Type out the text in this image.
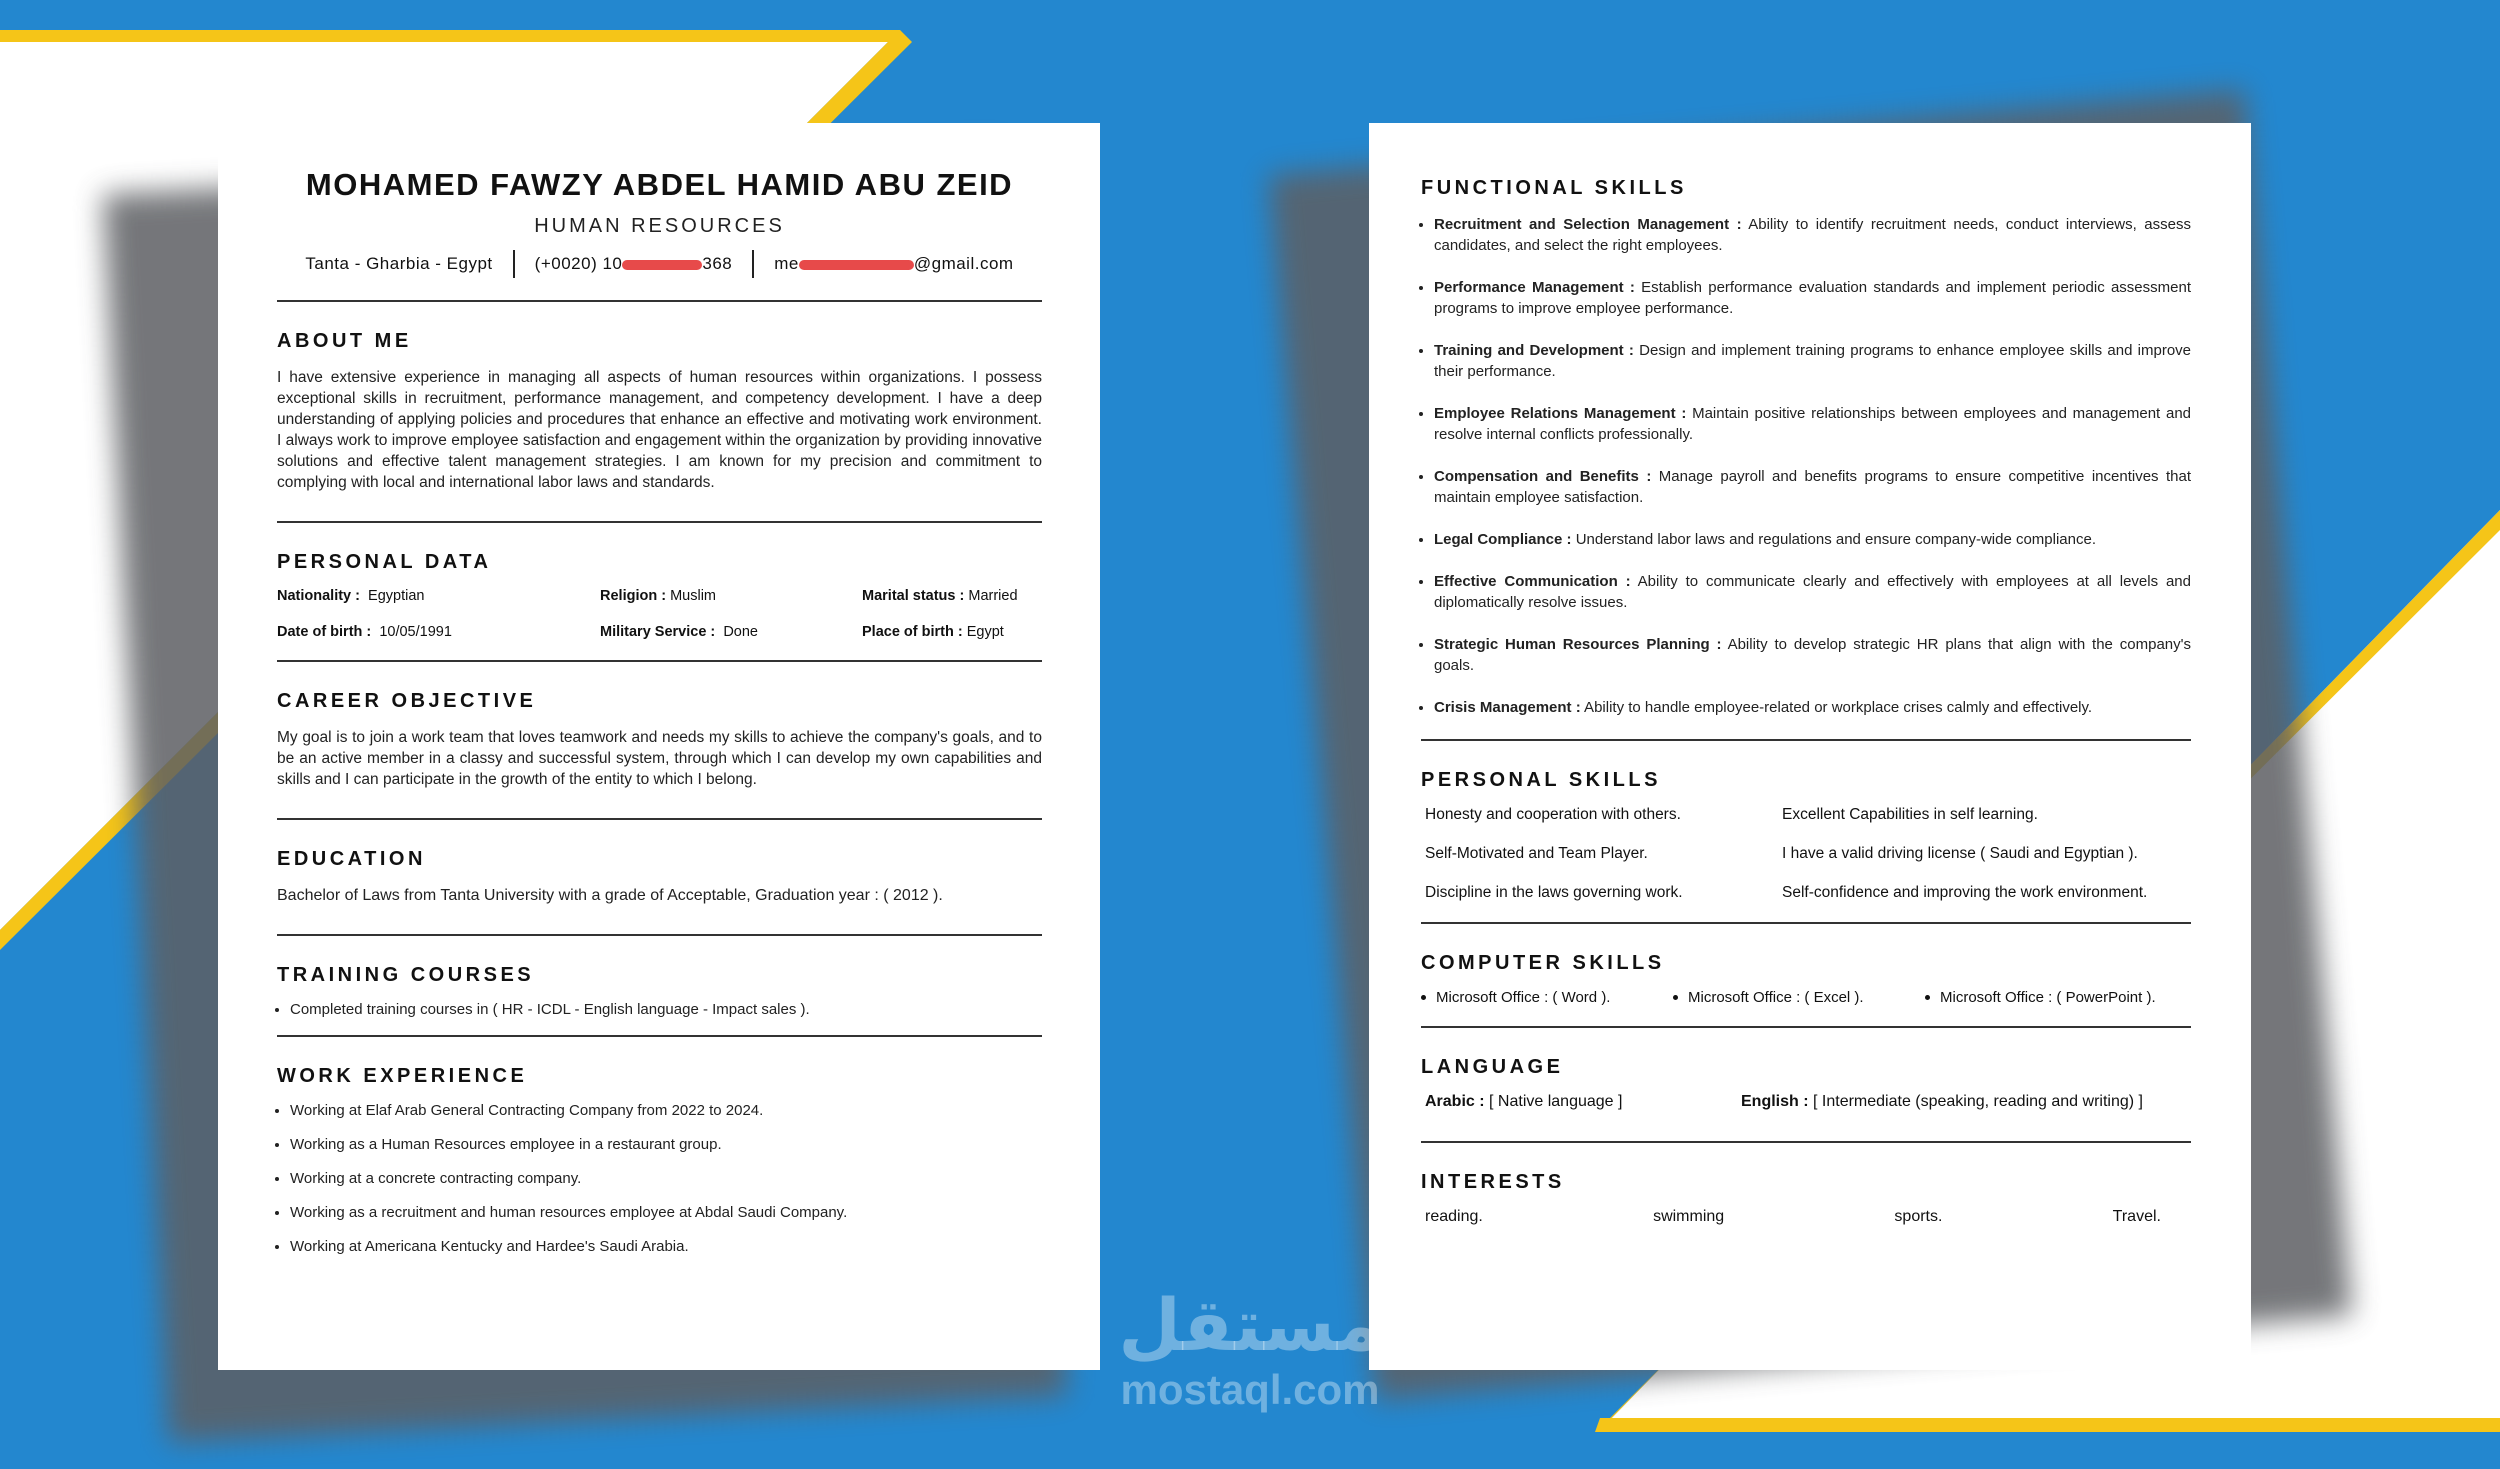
MOHAMED FAWZY ABDEL HAMID ABU ZEID
HUMAN RESOURCES
Tanta - Gharbia - Egypt (+0020) 10	368 me	@gmail.com
ABOUT ME
I have extensive experience in managing all aspects of human resources within organizations. I possess exceptional skills in recruitment, performance management, and competency development. I have a deep understanding of applying policies and procedures that enhance an effective and motivating work environment. I always work to improve employee satisfaction and engagement within the organization by providing innovative solutions and effective talent management strategies. I am known for my precision and commitment to complying with local and international labor laws and standards.
PERSONAL DATA
Nationality : Egyptian	Religion : Muslim	Marital status : Married
Date of birth : 10/05/1991	Military Service : Done	Place of birth : Egypt
CAREER OBJECTIVE
My goal is to join a work team that loves teamwork and needs my skills to achieve the company's goals, and to be an active member in a classy and successful system, through which I can develop my own capabilities and skills and I can participate in the growth of the entity to which I belong.
EDUCATION
Bachelor of Laws from Tanta University with a grade of Acceptable, Graduation year : ( 2012 ).
TRAINING COURSES
• Completed training courses in ( HR - ICDL - English language - Impact sales ).
WORK EXPERIENCE
• Working at Elaf Arab General Contracting Company from 2022 to 2024.
• Working as a Human Resources employee in a restaurant group.
• Working at a concrete contracting company.
• Working as a recruitment and human resources employee at Abdal Saudi Company.
• Working at Americana Kentucky and Hardee's Saudi Arabia.
FUNCTIONAL SKILLS
• Recruitment and Selection Management : Ability to identify recruitment needs, conduct interviews, assess candidates, and select the right employees.
• Performance Management : Establish performance evaluation standards and implement periodic assessment programs to improve employee performance.
• Training and Development : Design and implement training programs to enhance employee skills and improve their performance.
• Employee Relations Management : Maintain positive relationships between employees and management and resolve internal conflicts professionally.
• Compensation and Benefits : Manage payroll and benefits programs to ensure competitive incentives that maintain employee satisfaction.
• Legal Compliance : Understand labor laws and regulations and ensure company-wide compliance.
• Effective Communication : Ability to communicate clearly and effectively with employees at all levels and diplomatically resolve issues.
• Strategic Human Resources Planning : Ability to develop strategic HR plans that align with the company's goals.
• Crisis Management : Ability to handle employee-related or workplace crises calmly and effectively.
PERSONAL SKILLS
Honesty and cooperation with others.	Excellent Capabilities in self learning.
Self-Motivated and Team Player.	I have a valid driving license ( Saudi and Egyptian ).
Discipline in the laws governing work.	Self-confidence and improving the work environment.
COMPUTER SKILLS
Microsoft Office : ( Word ).	Microsoft Office : ( Excel ).	Microsoft Office : ( PowerPoint ).
LANGUAGE
Arabic : [ Native language ]	English : [ Intermediate (speaking, reading and writing) ]
INTERESTS
reading.	swimming	sports.	Travel.
مستقل
mostaql.com
